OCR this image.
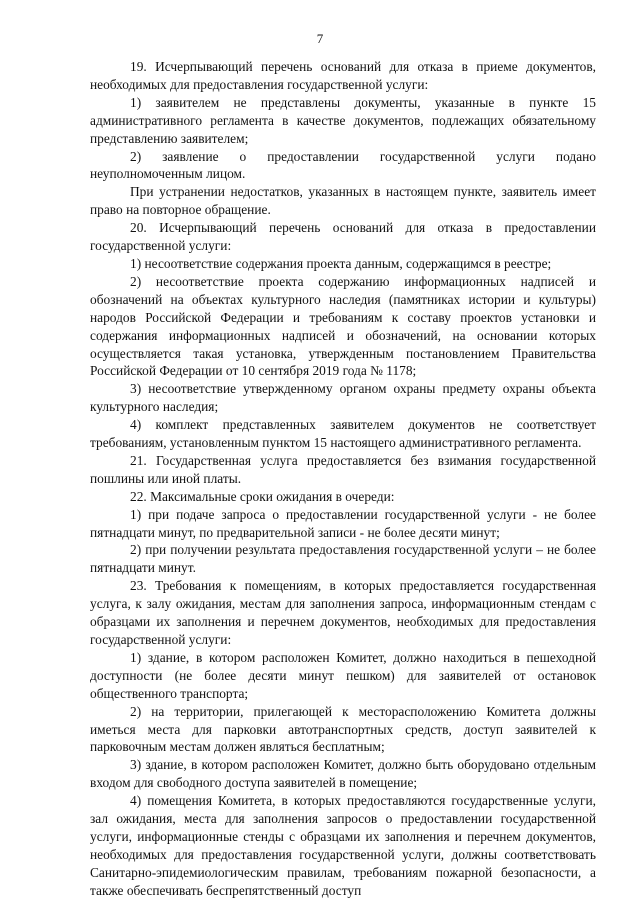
7

19. Исчерпывающий перечень оснований для отказа в приеме документов, необходимых для предоставления государственной услуги:

1) заявителем не представлены документы, указанные в пункте 15 административного регламента в качестве документов, подлежащих обязательному представлению заявителем;

2) заявление о предоставлении государственной услуги подано неуполномоченным лицом.

При устранении недостатков, указанных в настоящем пункте, заявитель имеет право на повторное обращение.

20. Исчерпывающий перечень оснований для отказа в предоставлении государственной услуги:

1) несоответствие содержания проекта данным, содержащимся в реестре;

2) несоответствие проекта содержанию информационных надписей и обозначений на объектах культурного наследия (памятниках истории и культуры) народов Российской Федерации и требованиям к составу проектов установки и содержания информационных надписей и обозначений, на основании которых осуществляется такая установка, утвержденным постановлением Правительства Российской Федерации от 10 сентября 2019 года № 1178;

3) несоответствие утвержденному органом охраны предмету охраны объекта культурного наследия;

4) комплект представленных заявителем документов не соответствует требованиям, установленным пунктом 15 настоящего административного регламента.

21. Государственная услуга предоставляется без взимания государственной пошлины или иной платы.

22. Максимальные сроки ожидания в очереди:

1) при подаче запроса о предоставлении государственной услуги - не более пятнадцати минут, по предварительной записи - не более десяти минут;

2) при получении результата предоставления государственной услуги – не более пятнадцати минут.

23. Требования к помещениям, в которых предоставляется государственная услуга, к залу ожидания, местам для заполнения запроса, информационным стендам с образцами их заполнения и перечнем документов, необходимых для предоставления государственной услуги:

1) здание, в котором расположен Комитет, должно находиться в пешеходной доступности (не более десяти минут пешком) для заявителей от остановок общественного транспорта;

2) на территории, прилегающей к месторасположению Комитета должны иметься места для парковки автотранспортных средств, доступ заявителей к парковочным местам должен являться бесплатным;

3) здание, в котором расположен Комитет, должно быть оборудовано отдельным входом для свободного доступа заявителей в помещение;

4) помещения Комитета, в которых предоставляются государственные услуги, зал ожидания, места для заполнения запросов о предоставлении государственной услуги, информационные стенды с образцами их заполнения и перечнем документов, необходимых для предоставления государственной услуги, должны соответствовать Санитарно-эпидемиологическим правилам, требованиям пожарной безопасности, а также обеспечивать беспрепятственный доступ
